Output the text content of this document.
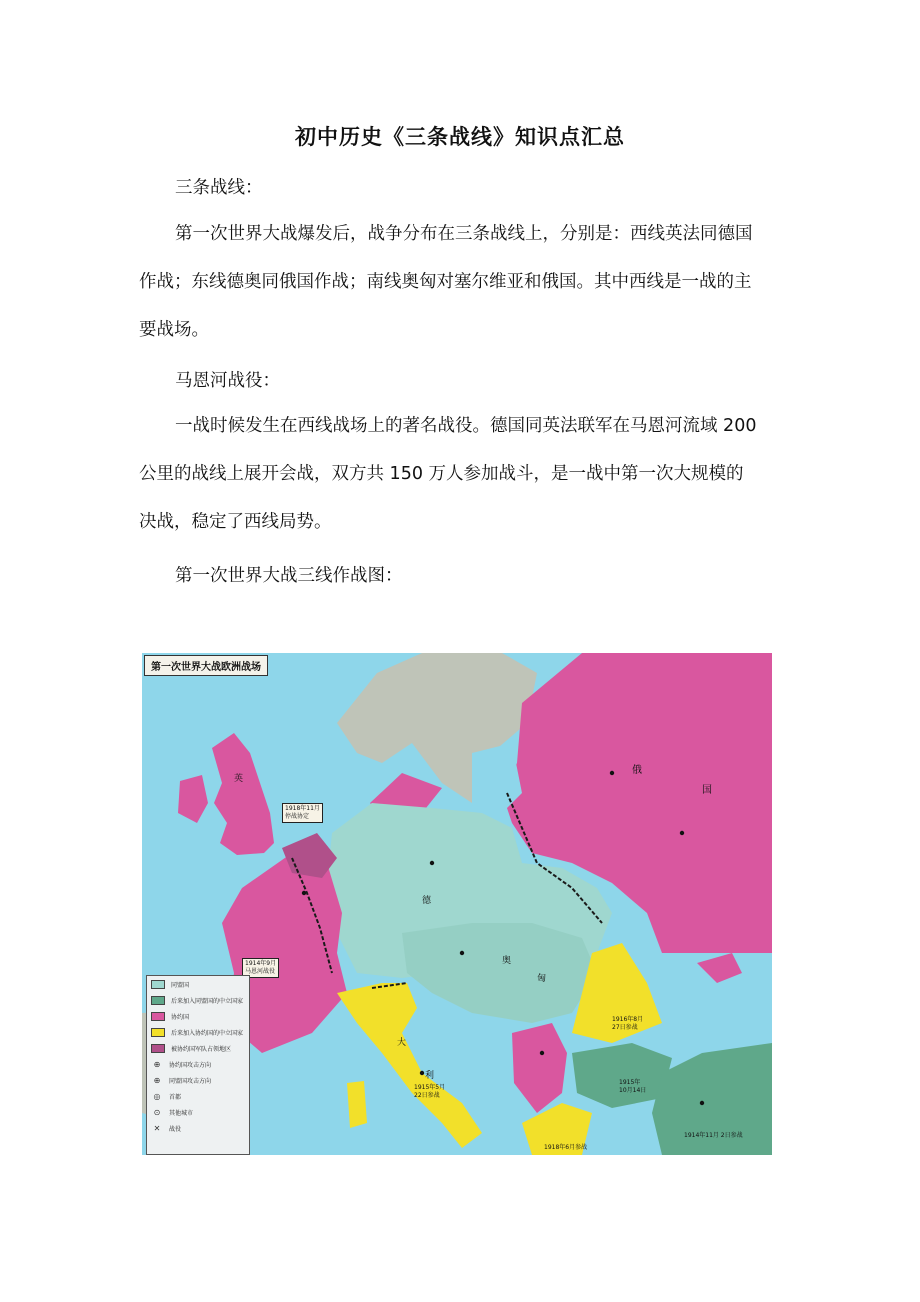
初中历史《三条战线》知识点汇总
三条战线：
第一次世界大战爆发后，战争分布在三条战线上，分别是：西线英法同德国
作战；东线德奥同俄国作战；南线奥匈对塞尔维亚和俄国。其中西线是一战的主
要战场。
马恩河战役：
一战时候发生在西线战场上的著名战役。德国同英法联军在马恩河流域 200
公里的战线上展开会战，双方共 150 万人参加战斗，是一战中第一次大规模的
决战，稳定了西线局势。
第一次世界大战三线作战图：
第一次世界大战欧洲战场
英
俄
国
德
奥
匈
大
利
1918年11月
停战协定
1914年9月
马恩河战役
1915年5月
22日参战
1916年8月
27日参战
1915年
10月14日
1914年11月 2日参战
1918年6月参战
同盟国
后来加入同盟国的中立国家
协约国
后来加入协约国的中立国家
被协约国军队占领地区
⊕	协约国攻击方向
⊕	同盟国攻击方向
◎	首都
⊙	其他城市
✕	战役
